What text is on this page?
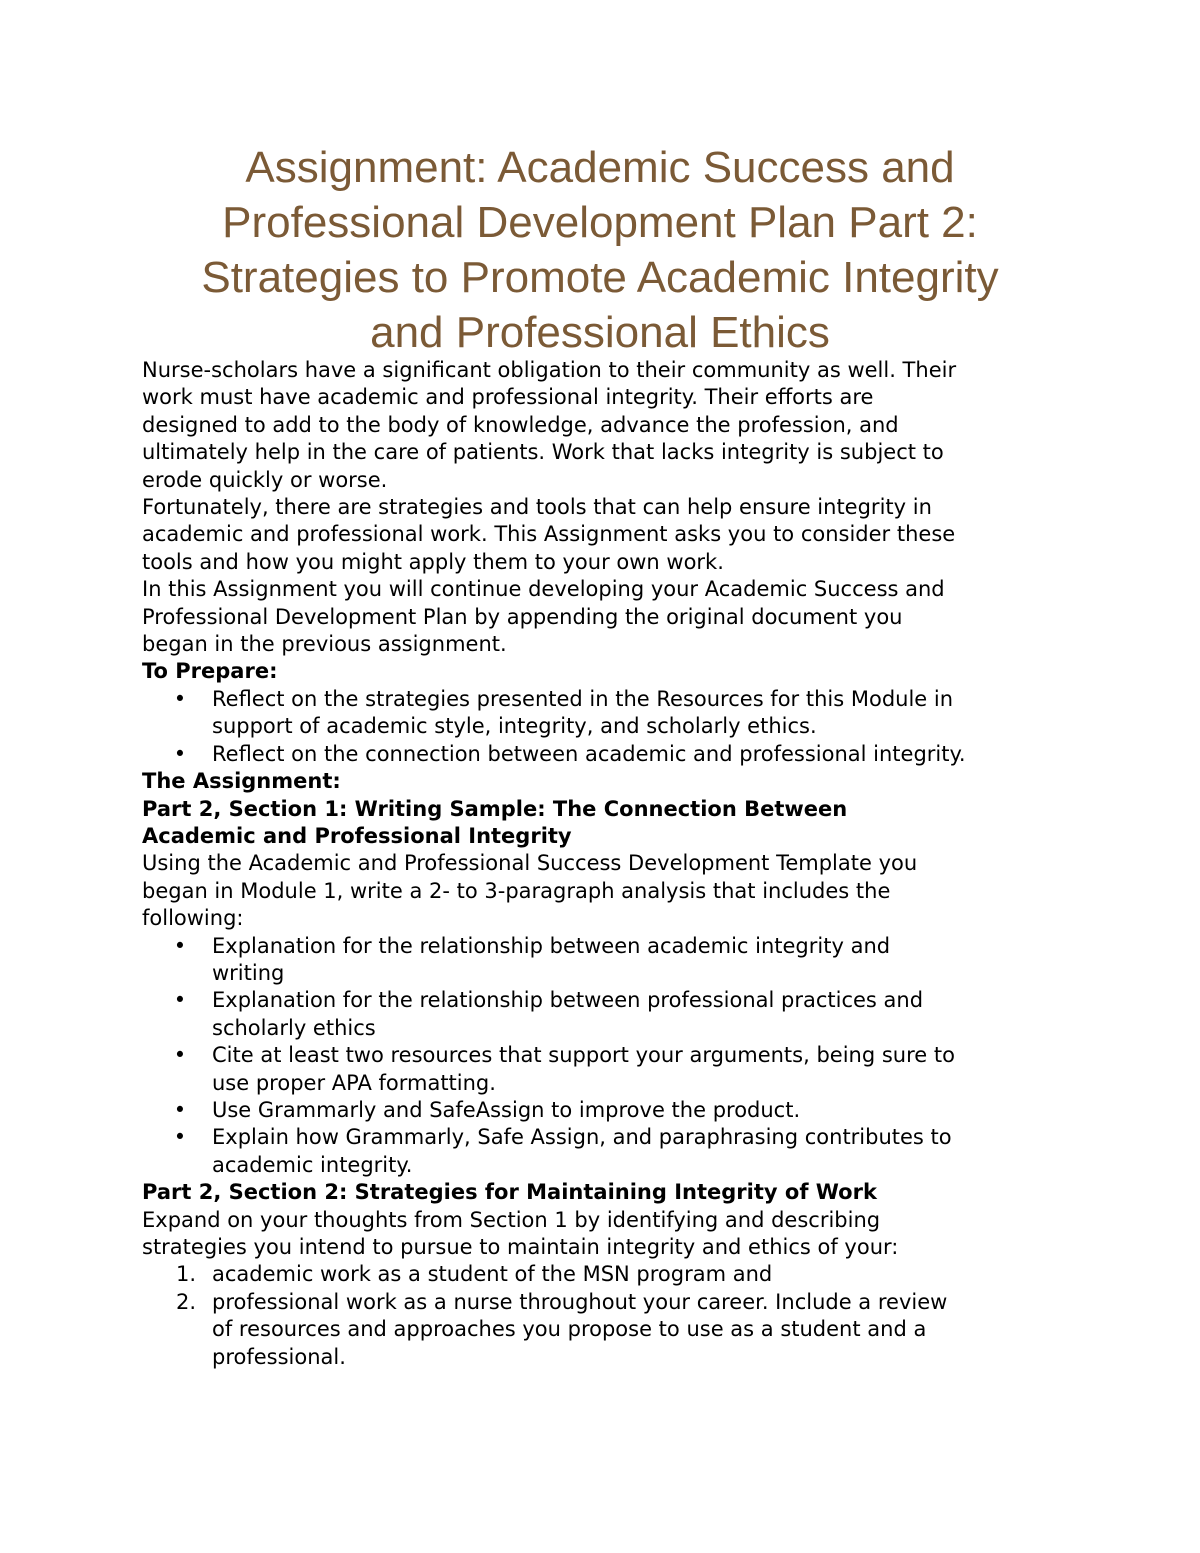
Assignment: Academic Success and
Professional Development Plan Part 2:
Strategies to Promote Academic Integrity
and Professional Ethics

Nurse-scholars have a significant obligation to their community as well. Their
work must have academic and professional integrity. Their efforts are
designed to add to the body of knowledge, advance the profession, and
ultimately help in the care of patients. Work that lacks integrity is subject to
erode quickly or worse.

Fortunately, there are strategies and tools that can help ensure integrity in
academic and professional work. This Assignment asks you to consider these
tools and how you might apply them to your own work.

In this Assignment you will continue developing your Academic Success and
Professional Development Plan by appending the original document you
began in the previous assignment.

To Prepare:
• Reflect on the strategies presented in the Resources for this Module in
support of academic style, integrity, and scholarly ethics.
• Reflect on the connection between academic and professional integrity.
The Assignment:
Part 2, Section 1: Writing Sample: The Connection Between
Academic and Professional Integrity

Using the Academic and Professional Success Development Template you
began in Module 1, write a 2- to 3-paragraph analysis that includes the
following:

• Explanation for the relationship between academic integrity and
writing
• Explanation for the relationship between professional practices and
scholarly ethics
• Cite at least two resources that support your arguments, being sure to
use proper APA formatting.
• Use Grammarly and SafeAssign to improve the product.
• Explain how Grammarly, Safe Assign, and paraphrasing contributes to
academic integrity.
Part 2, Section 2: Strategies for Maintaining Integrity of Work

Expand on your thoughts from Section 1 by identifying and describing
strategies you intend to pursue to maintain integrity and ethics of your:

1. academic work as a student of the MSN program and
2. professional work as a nurse throughout your career. Include a review
of resources and approaches you propose to use as a student and a
professional.
